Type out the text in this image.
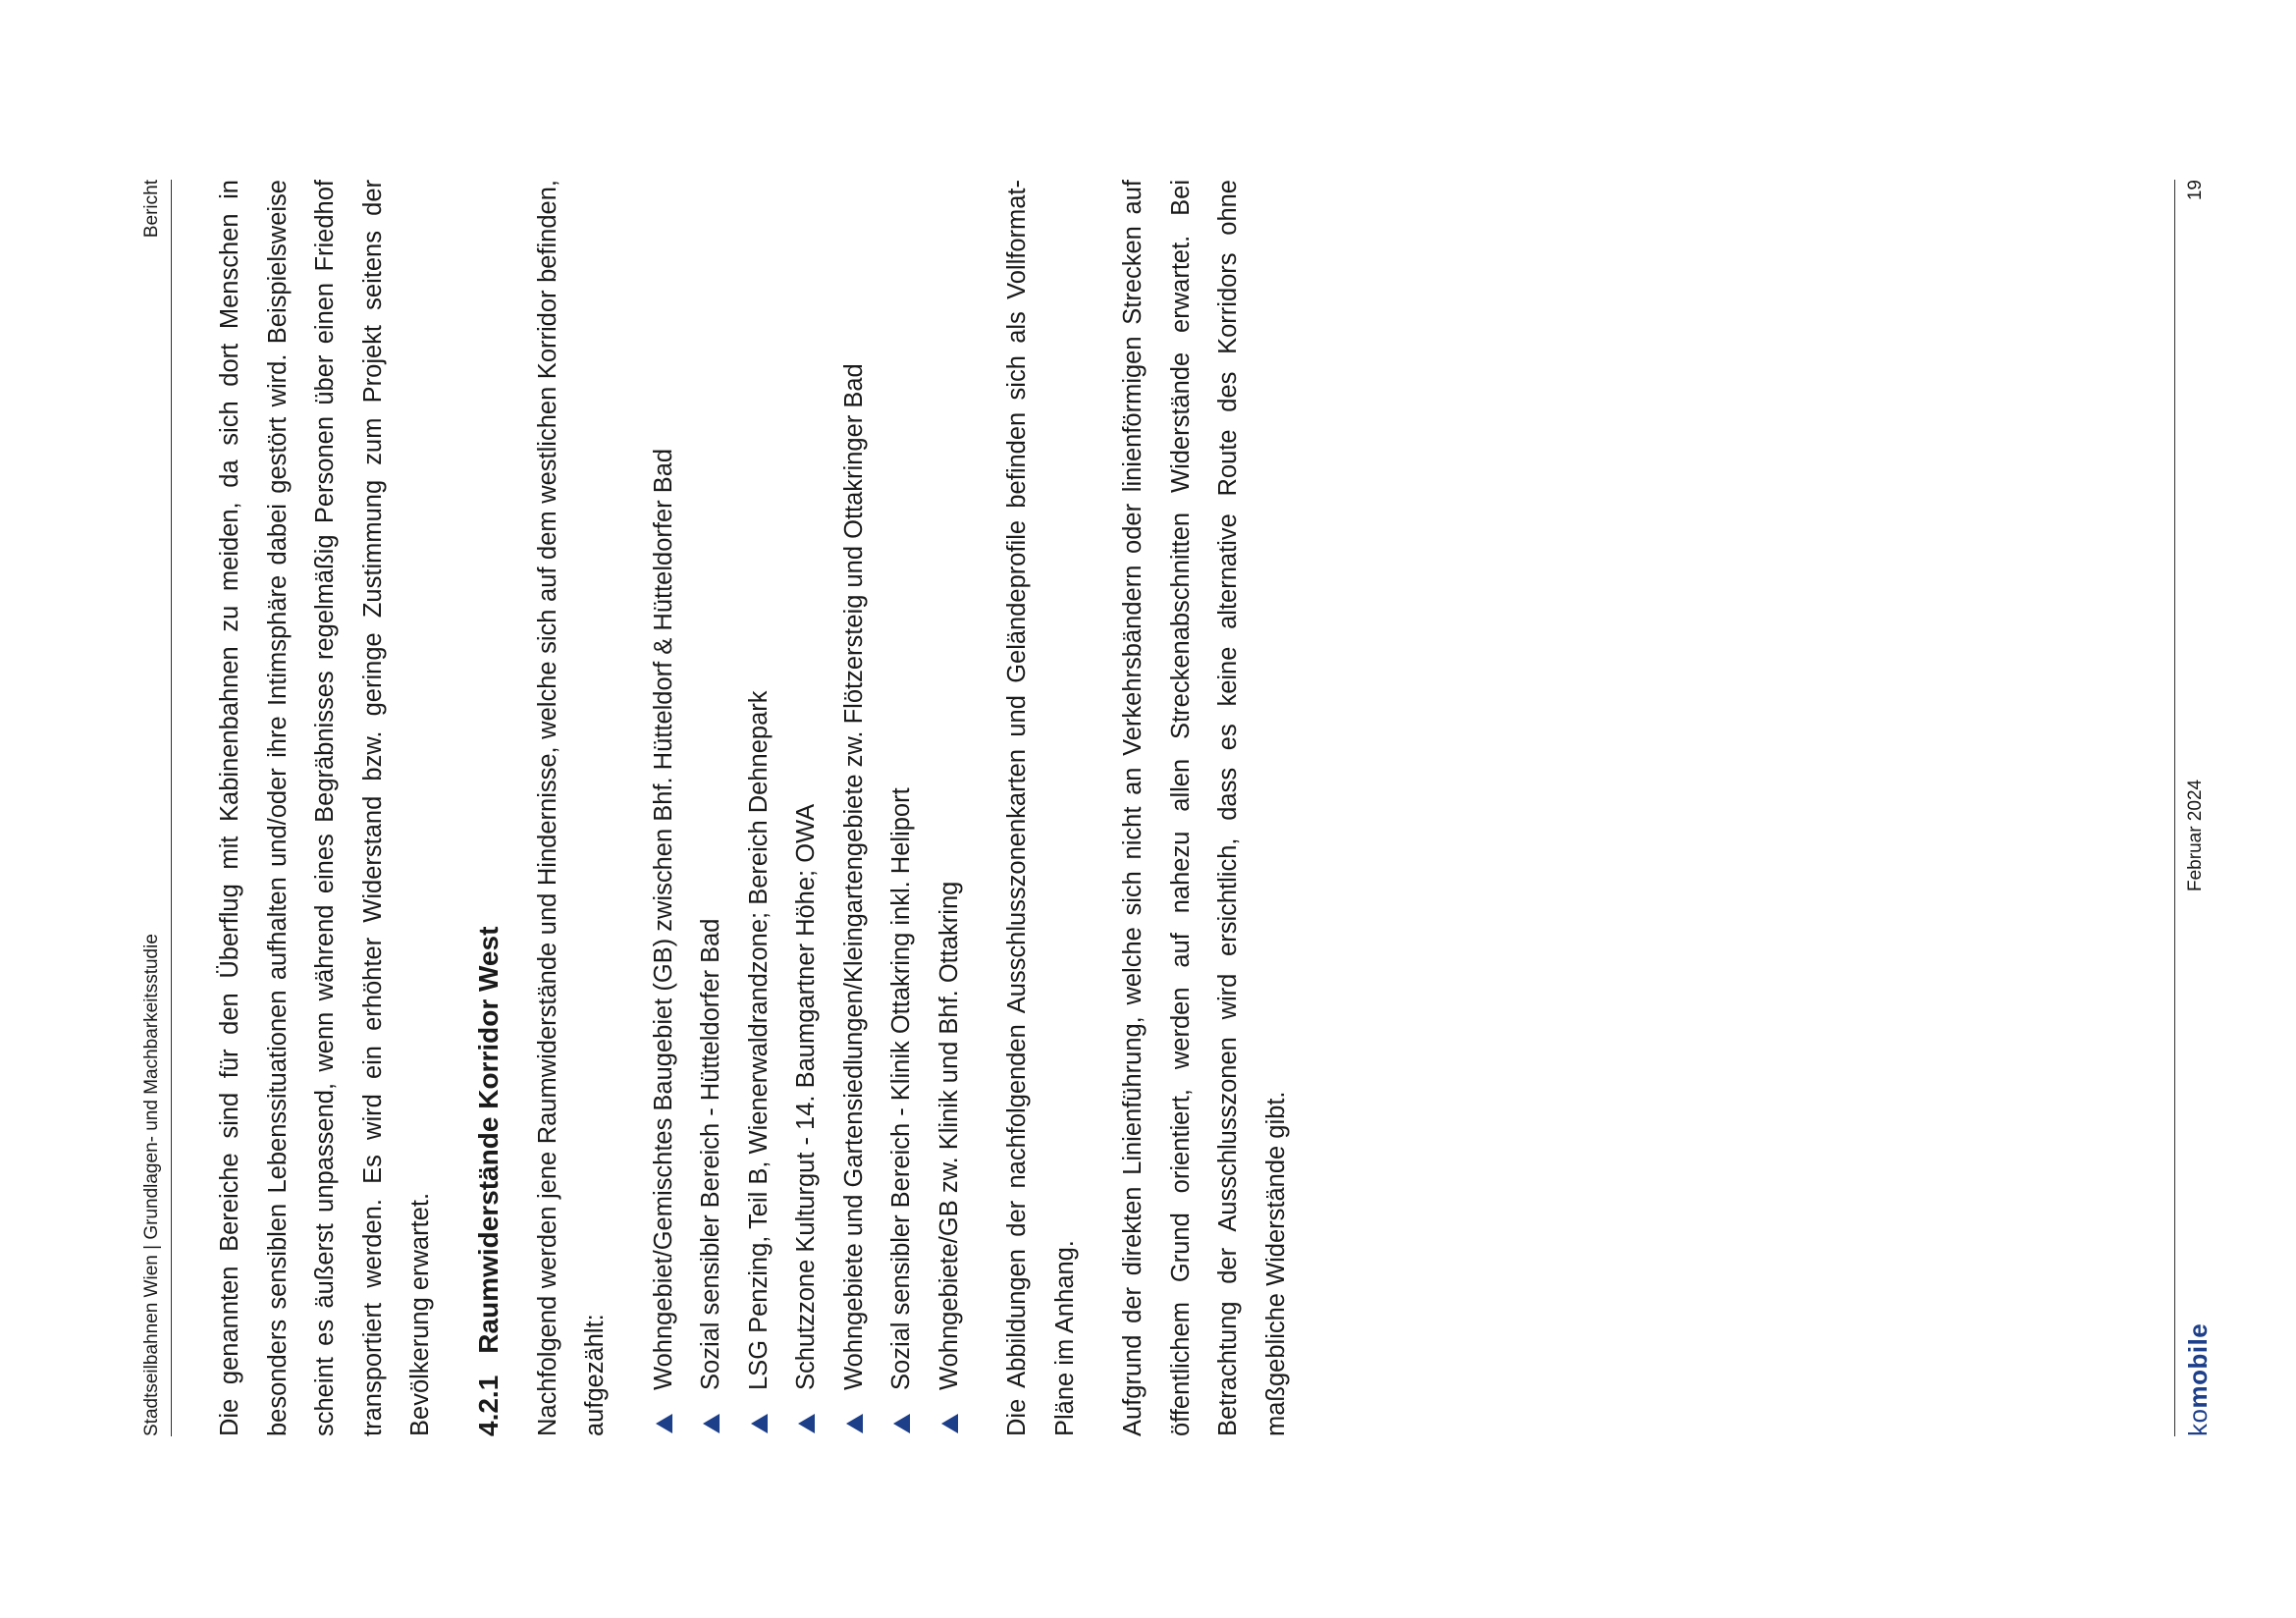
Stadtseilbahnen Wien | Grundlagen- und Machbarkeitsstudie
Bericht	Die genannten Bereiche sind für den Überflug mit Kabinenbahnen zu meiden, da sich dort Menschen in besonders sensiblen Lebenssituationen aufhalten und/oder ihre Intimsphäre dabei gestört wird. Beispielsweise scheint es äußerst unpassend, wenn während eines Begräbnisses regelmäßig Personen über einen Friedhof transportiert werden. Es wird ein erhöhter Widerstand bzw. geringe Zustimmung zum Projekt seitens der Bevölkerung erwartet.	4.2.1Raumwiderstände Korridor West	Nachfolgend werden jene Raumwiderstände und Hindernisse, welche sich auf dem westlichen Korridor befinden, aufgezählt:	Wohngebiet/Gemischtes Baugebiet (GB) zwischen Bhf. Hütteldorf & Hütteldorfer Bad Sozial sensibler Bereich - Hütteldorfer Bad LSG Penzing, Teil B, Wienerwaldrandzone; Bereich Dehnepark Schutzzone Kulturgut - 14. Baumgartner Höhe; OWA Wohngebiete und Gartensiedlungen/Kleingartengebiete zw. Flötzersteig und Ottakringer Bad Sozial sensibler Bereich - Klinik Ottakring inkl. Heliport Wohngebiete/GB zw. Klinik und Bhf. Ottakring	Die Abbildungen der nachfolgenden Ausschlusszonenkarten und Geländeprofile befinden sich als Vollformat-Pläne im Anhang.	Aufgrund der direkten Linienführung, welche sich nicht an Verkehrsbändern oder linienförmigen Strecken auf öffentlichem Grund orientiert, werden auf nahezu allen Streckenabschnitten Widerstände erwartet. Bei Betrachtung der Ausschlusszonen wird ersichtlich, dass es keine alternative Route des Korridors ohne maßgebliche Widerstände gibt.	komobile
Februar 2024
19
